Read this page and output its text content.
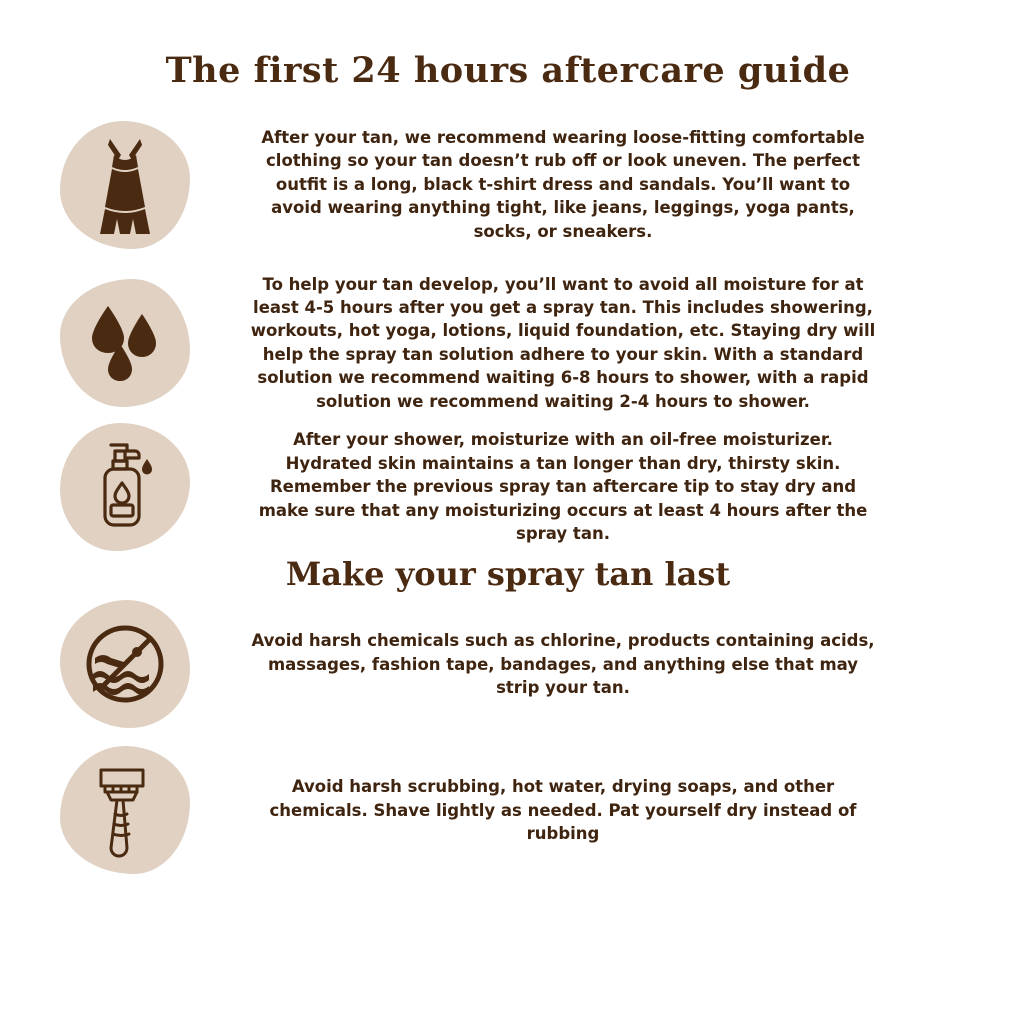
The first 24 hours aftercare guide

After your tan, we recommend wearing loose-fitting comfortable clothing so your tan doesn’t rub off or look uneven. The perfect outfit is a long, black t-shirt dress and sandals. You’ll want to avoid wearing anything tight, like jeans, leggings, yoga pants, socks, or sneakers.

To help your tan develop, you’ll want to avoid all moisture for at least 4-5 hours after you get a spray tan. This includes showering, workouts, hot yoga, lotions, liquid foundation, etc. Staying dry will help the spray tan solution adhere to your skin. With a standard solution we recommend waiting 6-8 hours to shower, with a rapid solution we recommend waiting 2-4 hours to shower.

After your shower, moisturize with an oil-free moisturizer. Hydrated skin maintains a tan longer than dry, thirsty skin. Remember the previous spray tan aftercare tip to stay dry and make sure that any moisturizing occurs at least 4 hours after the spray tan.

Make your spray tan last

Avoid harsh chemicals such as chlorine, products containing acids, massages, fashion tape, bandages, and anything else that may strip your tan.

Avoid harsh scrubbing, hot water, drying soaps, and other chemicals. Shave lightly as needed. Pat yourself dry instead of rubbing
